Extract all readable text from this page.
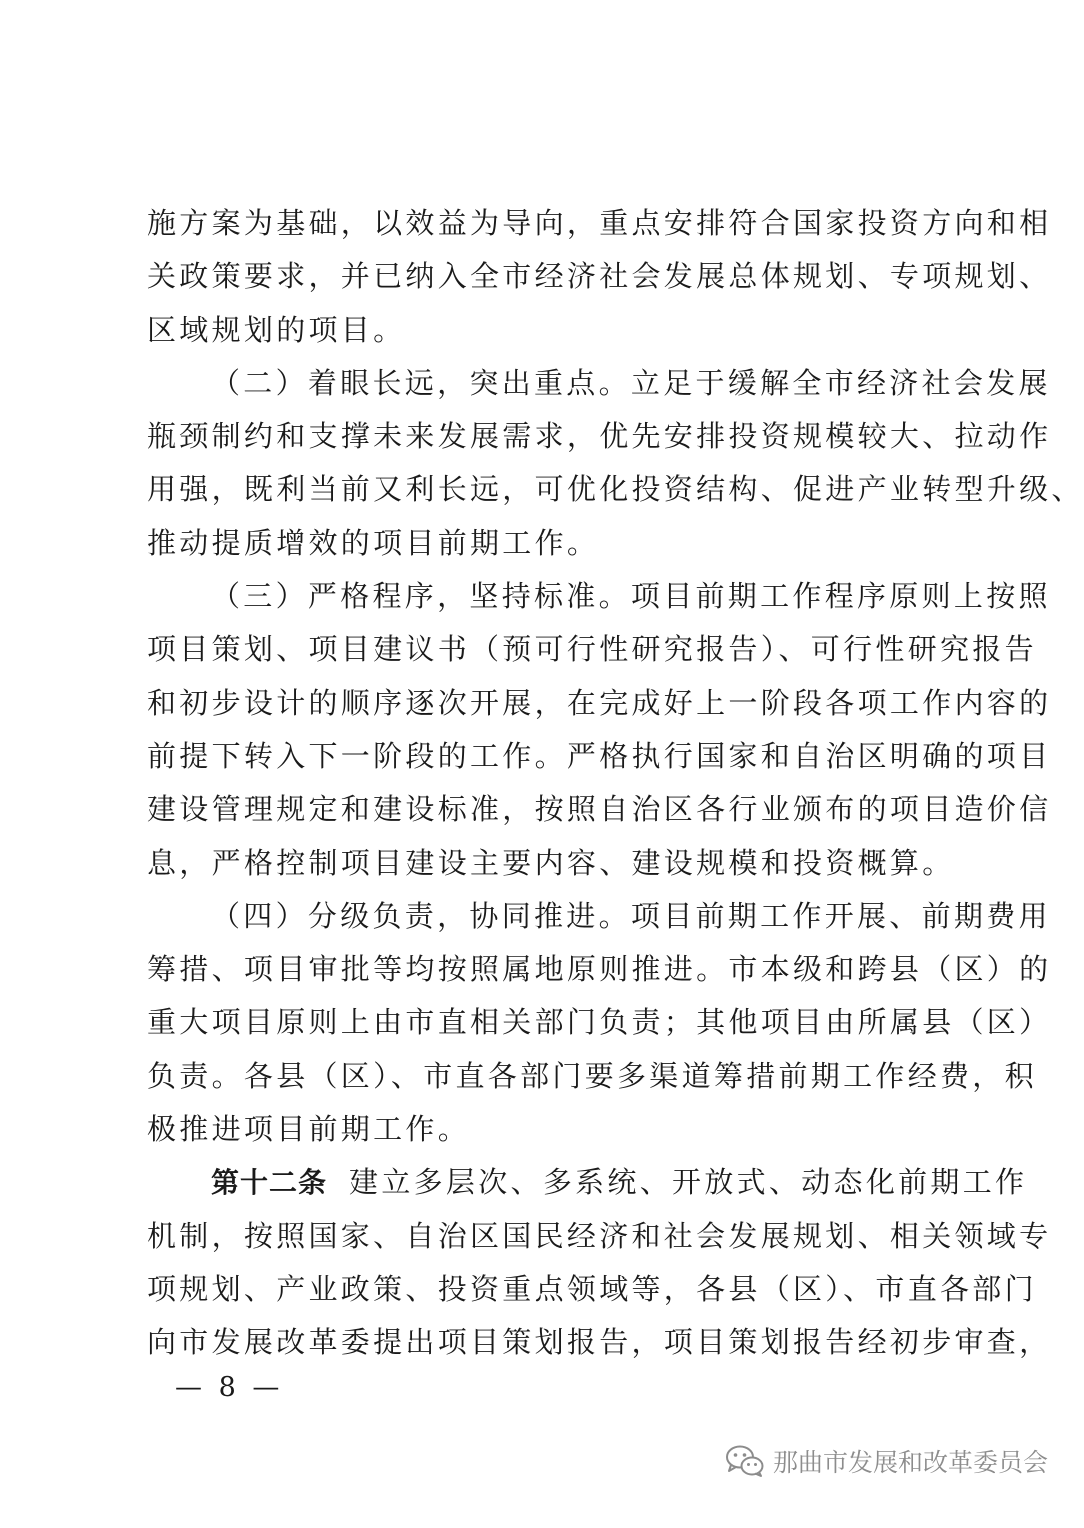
施方案为基础，以效益为导向，重点安排符合国家投资方向和相
关政策要求，并已纳入全市经济社会发展总体规划、专项规划、
区域规划的项目。
（二）着眼长远，突出重点。立足于缓解全市经济社会发展
瓶颈制约和支撑未来发展需求，优先安排投资规模较大、拉动作
用强，既利当前又利长远，可优化投资结构、促进产业转型升级、
推动提质增效的项目前期工作。
（三）严格程序，坚持标准。项目前期工作程序原则上按照
项目策划、项目建议书（预可行性研究报告）、可行性研究报告
和初步设计的顺序逐次开展，在完成好上一阶段各项工作内容的
前提下转入下一阶段的工作。严格执行国家和自治区明确的项目
建设管理规定和建设标准，按照自治区各行业颁布的项目造价信
息，严格控制项目建设主要内容、建设规模和投资概算。
（四）分级负责，协同推进。项目前期工作开展、前期费用
筹措、项目审批等均按照属地原则推进。市本级和跨县（区）的
重大项目原则上由市直相关部门负责；其他项目由所属县（区）
负责。各县（区）、市直各部门要多渠道筹措前期工作经费，积
极推进项目前期工作。
第十二条 建立多层次、多系统、开放式、动态化前期工作
机制，按照国家、自治区国民经济和社会发展规划、相关领域专
项规划、产业政策、投资重点领域等，各县（区）、市直各部门
向市发展改革委提出项目策划报告，项目策划报告经初步审查，
— 8 —
那曲市发展和改革委员会
